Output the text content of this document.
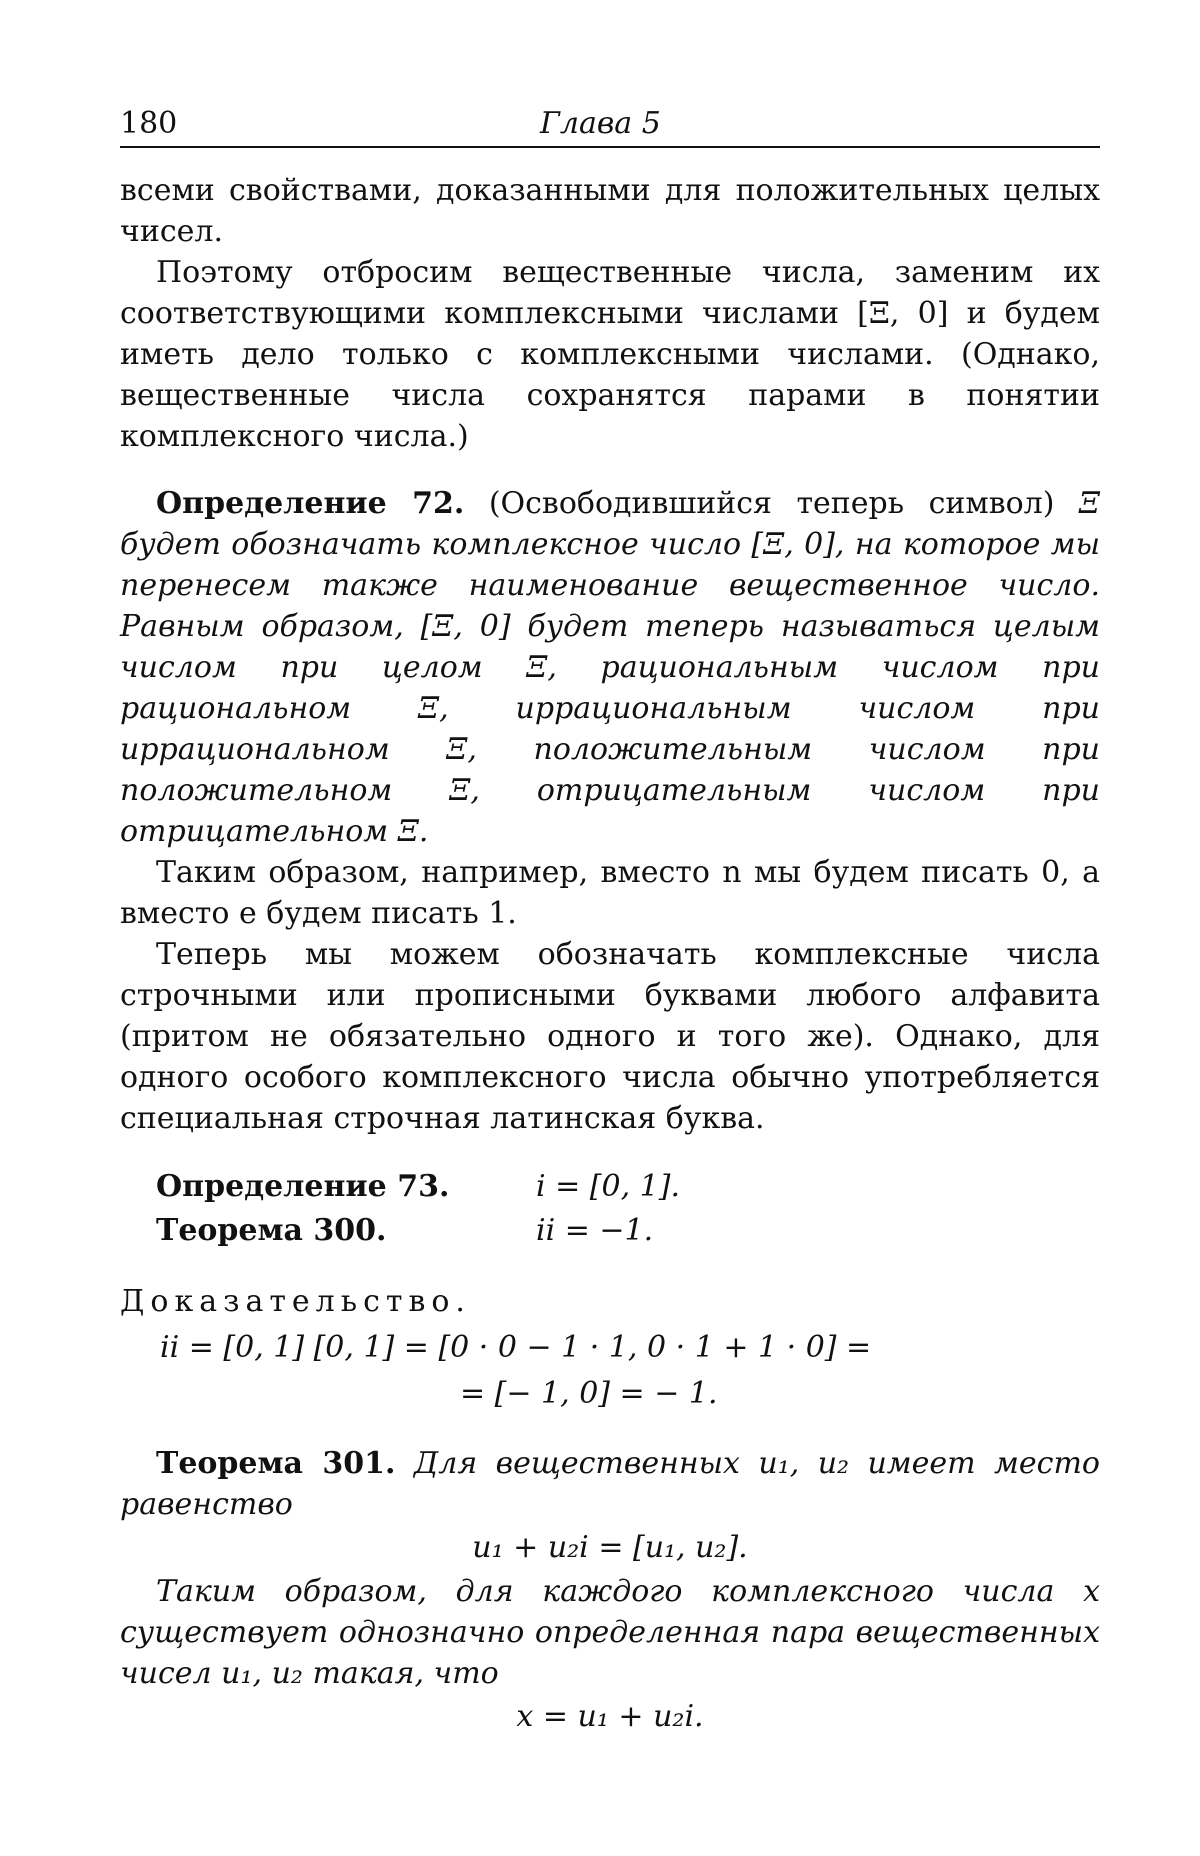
180	Глава 5

всеми свойствами, доказанными для положительных целых чисел.

Поэтому отбросим вещественные числа, заменим их соответствующими комплексными числами [Ξ, 0] и будем иметь дело только с комплексными числами. (Однако, вещественные числа сохранятся парами в понятии комплексного числа.)

Определение 72. (Освободившийся теперь символ) Ξ будет обозначать комплексное число [Ξ, 0], на которое мы перенесем также наименование вещественное число. Равным образом, [Ξ, 0] будет теперь называться целым числом при целом Ξ, рациональным числом при рациональном Ξ, иррациональным числом при иррациональном Ξ, положительным числом при положительном Ξ, отрицательным числом при отрицательном Ξ.

Таким образом, например, вместо n мы будем писать 0, а вместо e будем писать 1.

Теперь мы можем обозначать комплексные числа строчными или прописными буквами любого алфавита (притом не обязательно одного и того же). Однако, для одного особого комплексного числа обычно употребляется специальная строчная латинская буква.

Определение 73.	i = [0, 1].
Теорема 300.	ii = −1.
Доказательство.
ii = [0, 1] [0, 1] = [0 · 0 − 1 · 1, 0 · 1 + 1 · 0] =
= [− 1, 0] = − 1.

Теорема 301. Для вещественных u₁, u₂ имеет место равенство

u₁ + u₂i = [u₁, u₂].

Таким образом, для каждого комплексного числа x существует однозначно определенная пара вещественных чисел u₁, u₂ такая, что

x = u₁ + u₂i.
